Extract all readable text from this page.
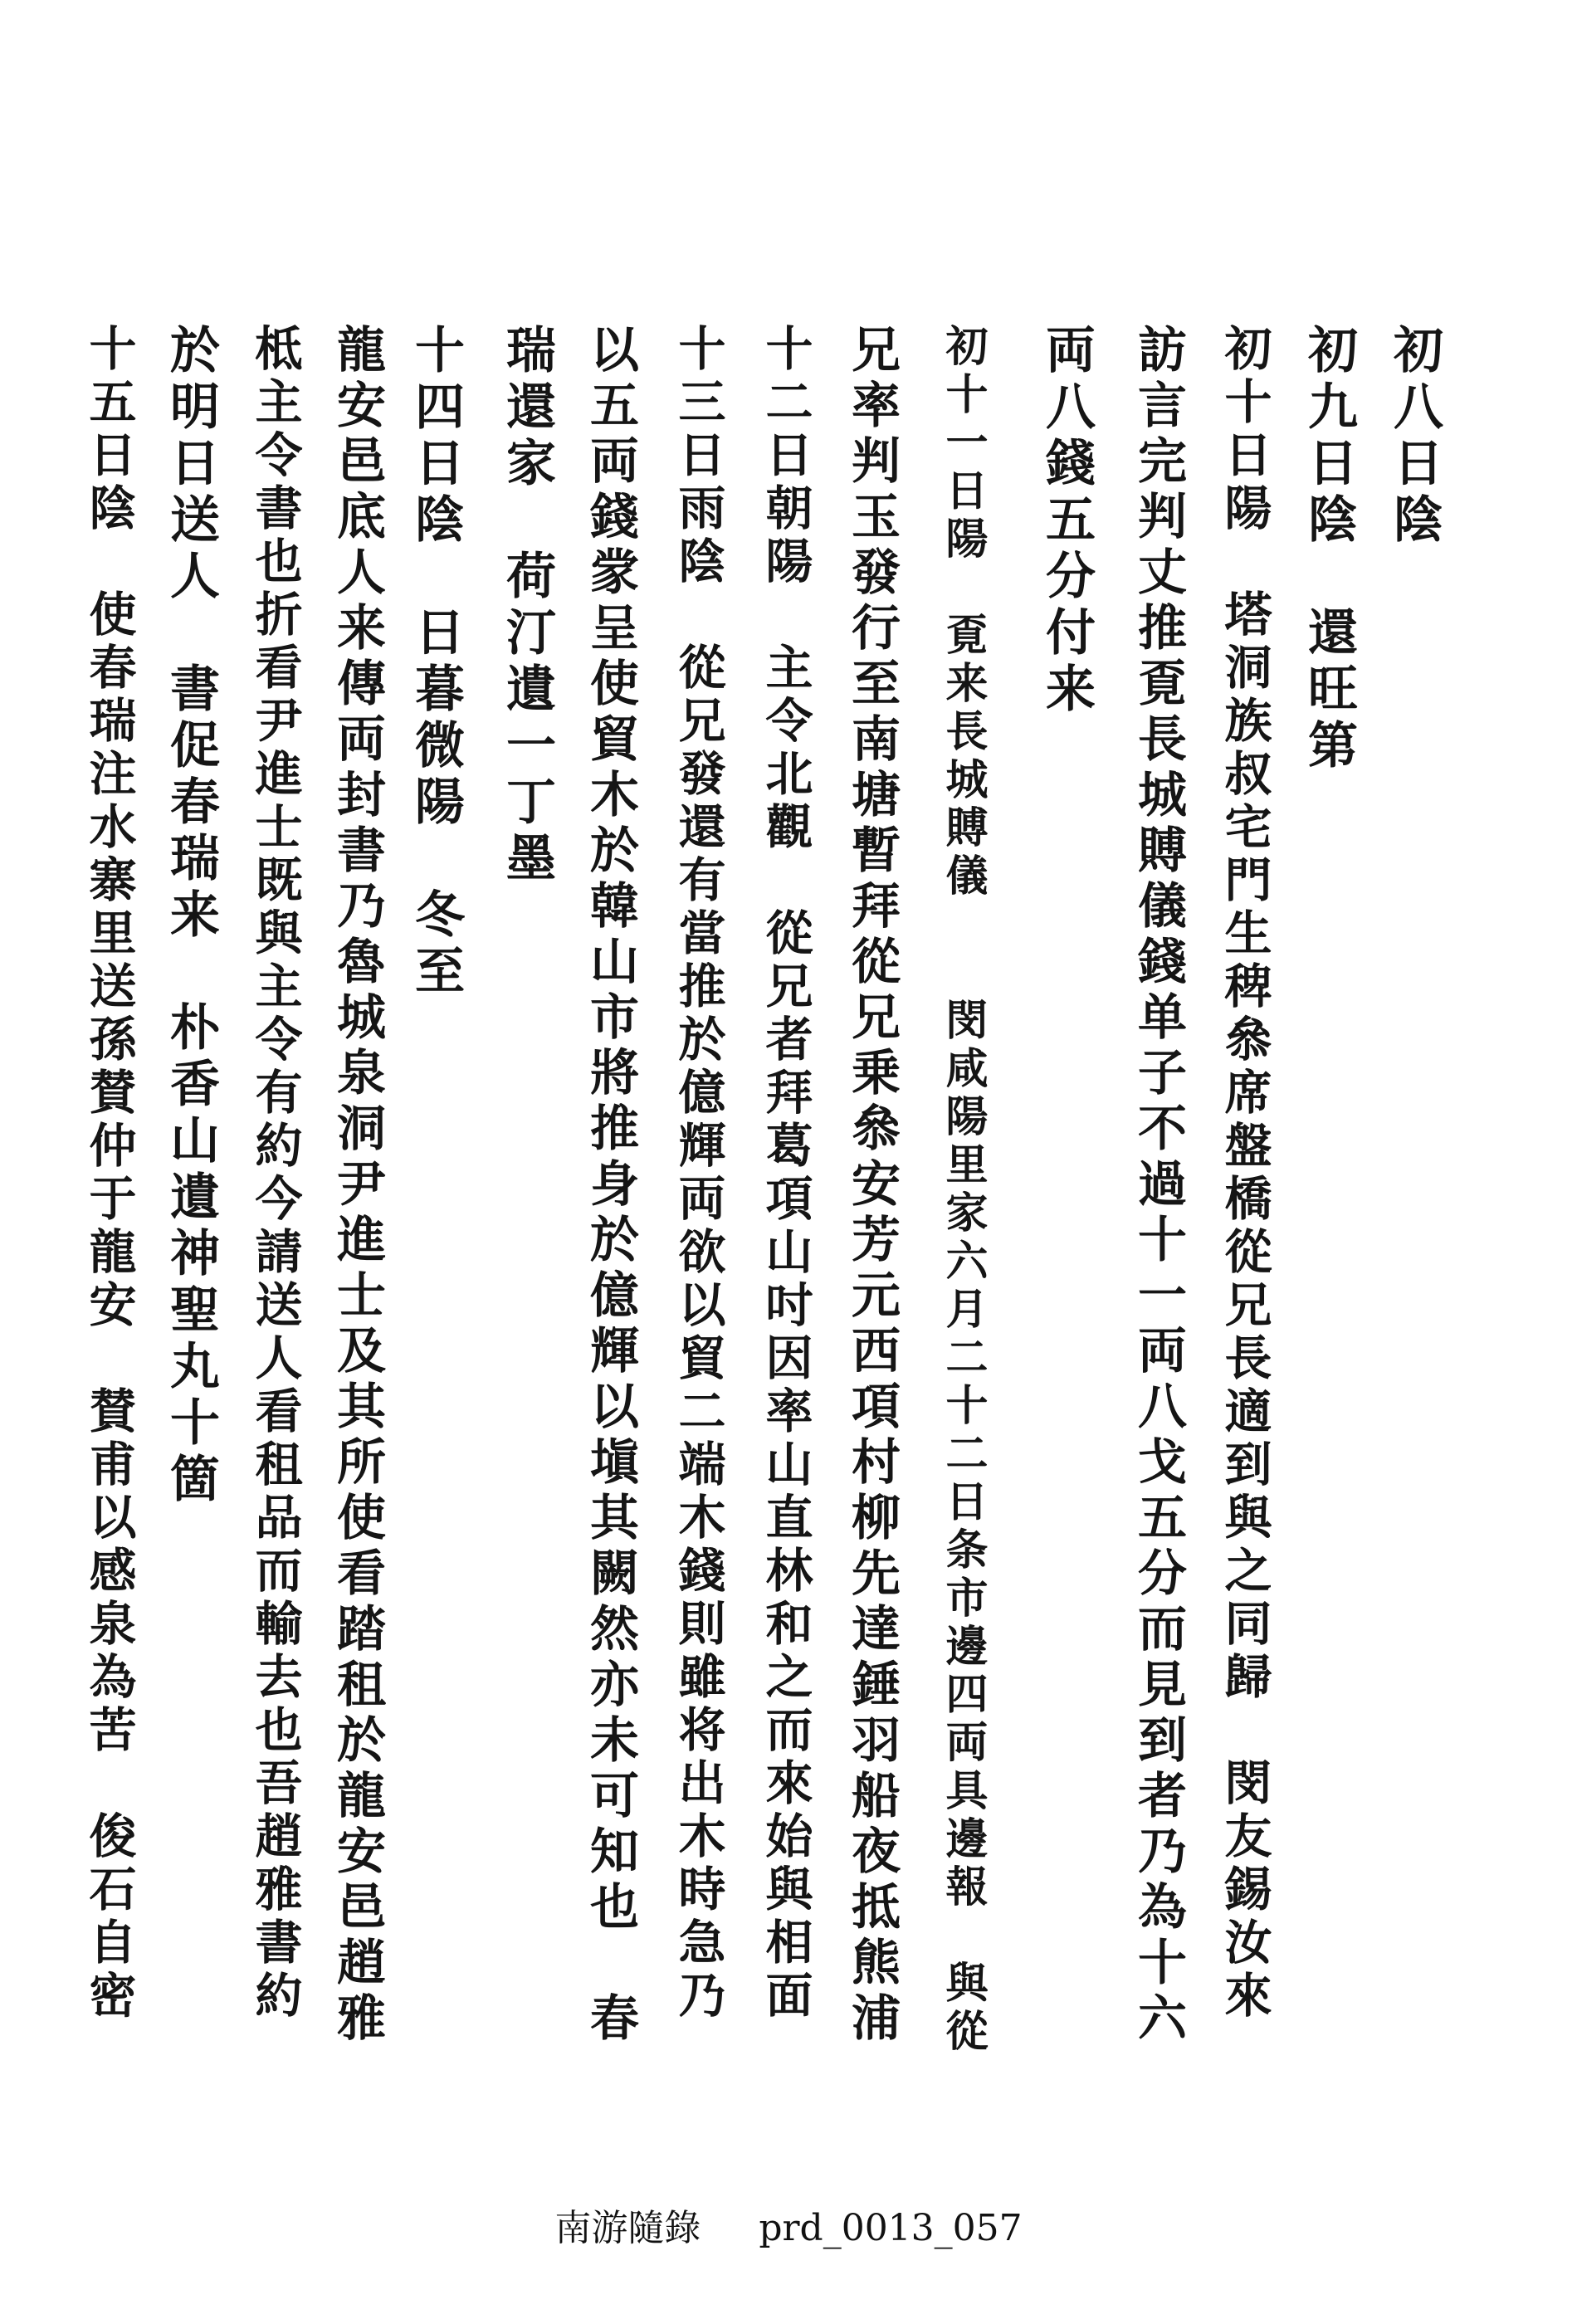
初八日陰
初九日陰　還旺第
初十日陽　塔洞族叔宅門生稗叅席盤橋從兄長適到與之同歸　閔友錫汝來
訪言完判丈推覔長城賻儀錢单子不過十一両八戈五分而見到者乃為十六
両八錢五分付来
初十一日陽　覔来長城賻儀　　閔咸陽里家六月二十二日条市邊四両具邊報　與從
兄率判玉發行至南塘暫拜從兄乗叅安芳元西項村柳先達錘羽船夜抵熊浦
十二日朝陽　主令北觀　從兄者拜葛項山吋因率山直林和之而來始與相面
十三日雨陰　從兄發還有當推於億輝両欲以貿二端木錢則雖将出木時急乃
以五両錢䝉呈使貿木於韓山市將推身於億輝以塡其闕然亦未可知也　春
瑞還家　荷汀遺一丁墨
十四日陰　日暮微陽　冬至
龍安邑底人来傳両封書乃魯城泉洞尹進士及其所使看踏租於龍安邑趙雅
柢主令書也折看尹進士既與主令有約今請送人看租品而輸去也吾趙雅書約
於明日送人　書促春瑞来　朴香山遺神聖丸十箇
十五日陰　使春瑞注水寨里送孫賛仲于龍安　賛甫以感泉為苦　俊石自密
南游隨錄 prd_0013_057
